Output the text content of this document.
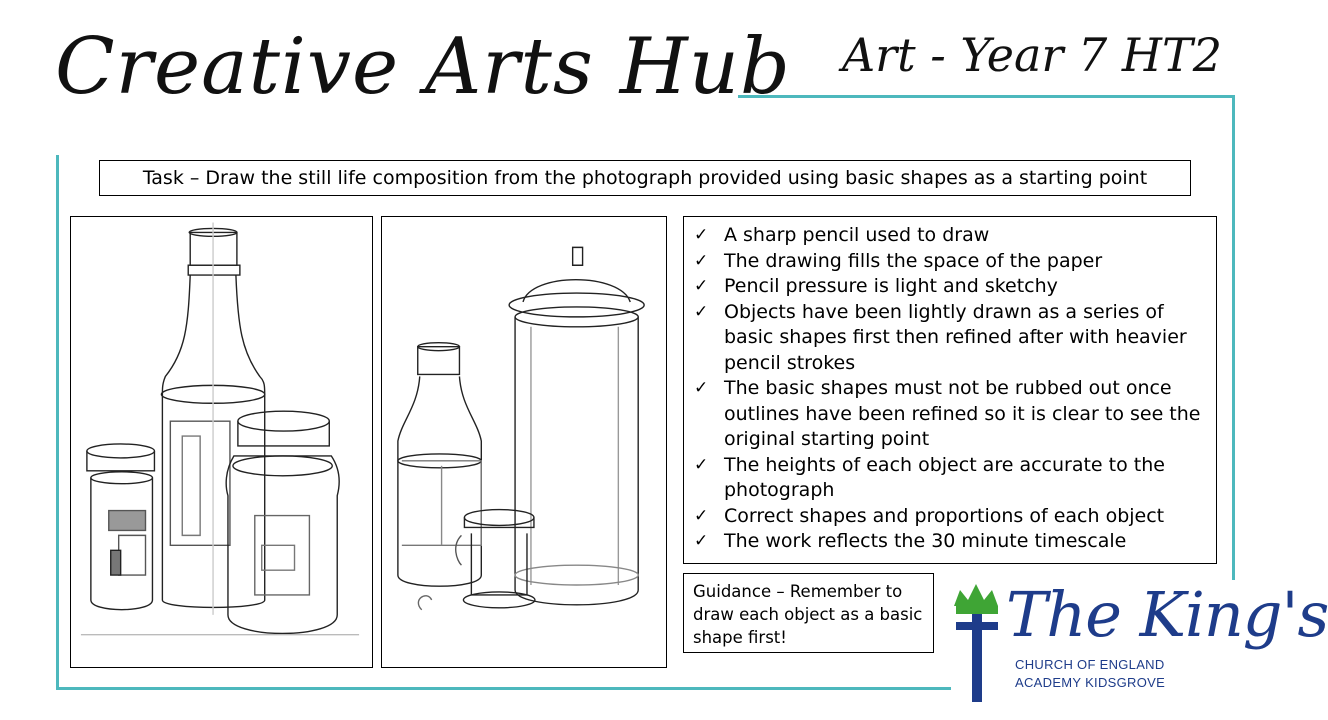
Creative Arts Hub Art - Year 7 HT2
Task – Draw the still life composition from the photograph provided using basic shapes as a starting point
✓ A sharp pencil used to draw
✓ The drawing fills the space of the paper
✓ Pencil pressure is light and sketchy
✓ Objects have been lightly drawn as a series of basic shapes first then refined after with heavier pencil strokes
✓ The basic shapes must not be rubbed out once outlines have been refined so it is clear to see the original starting point
✓ The heights of each object are accurate to the photograph
✓ Correct shapes and proportions of each object
✓ The work reflects the 30 minute timescale
Guidance – Remember to draw each object as a basic shape first!	The King's
CHURCH OF ENGLAND
ACADEMY KIDSGROVE
